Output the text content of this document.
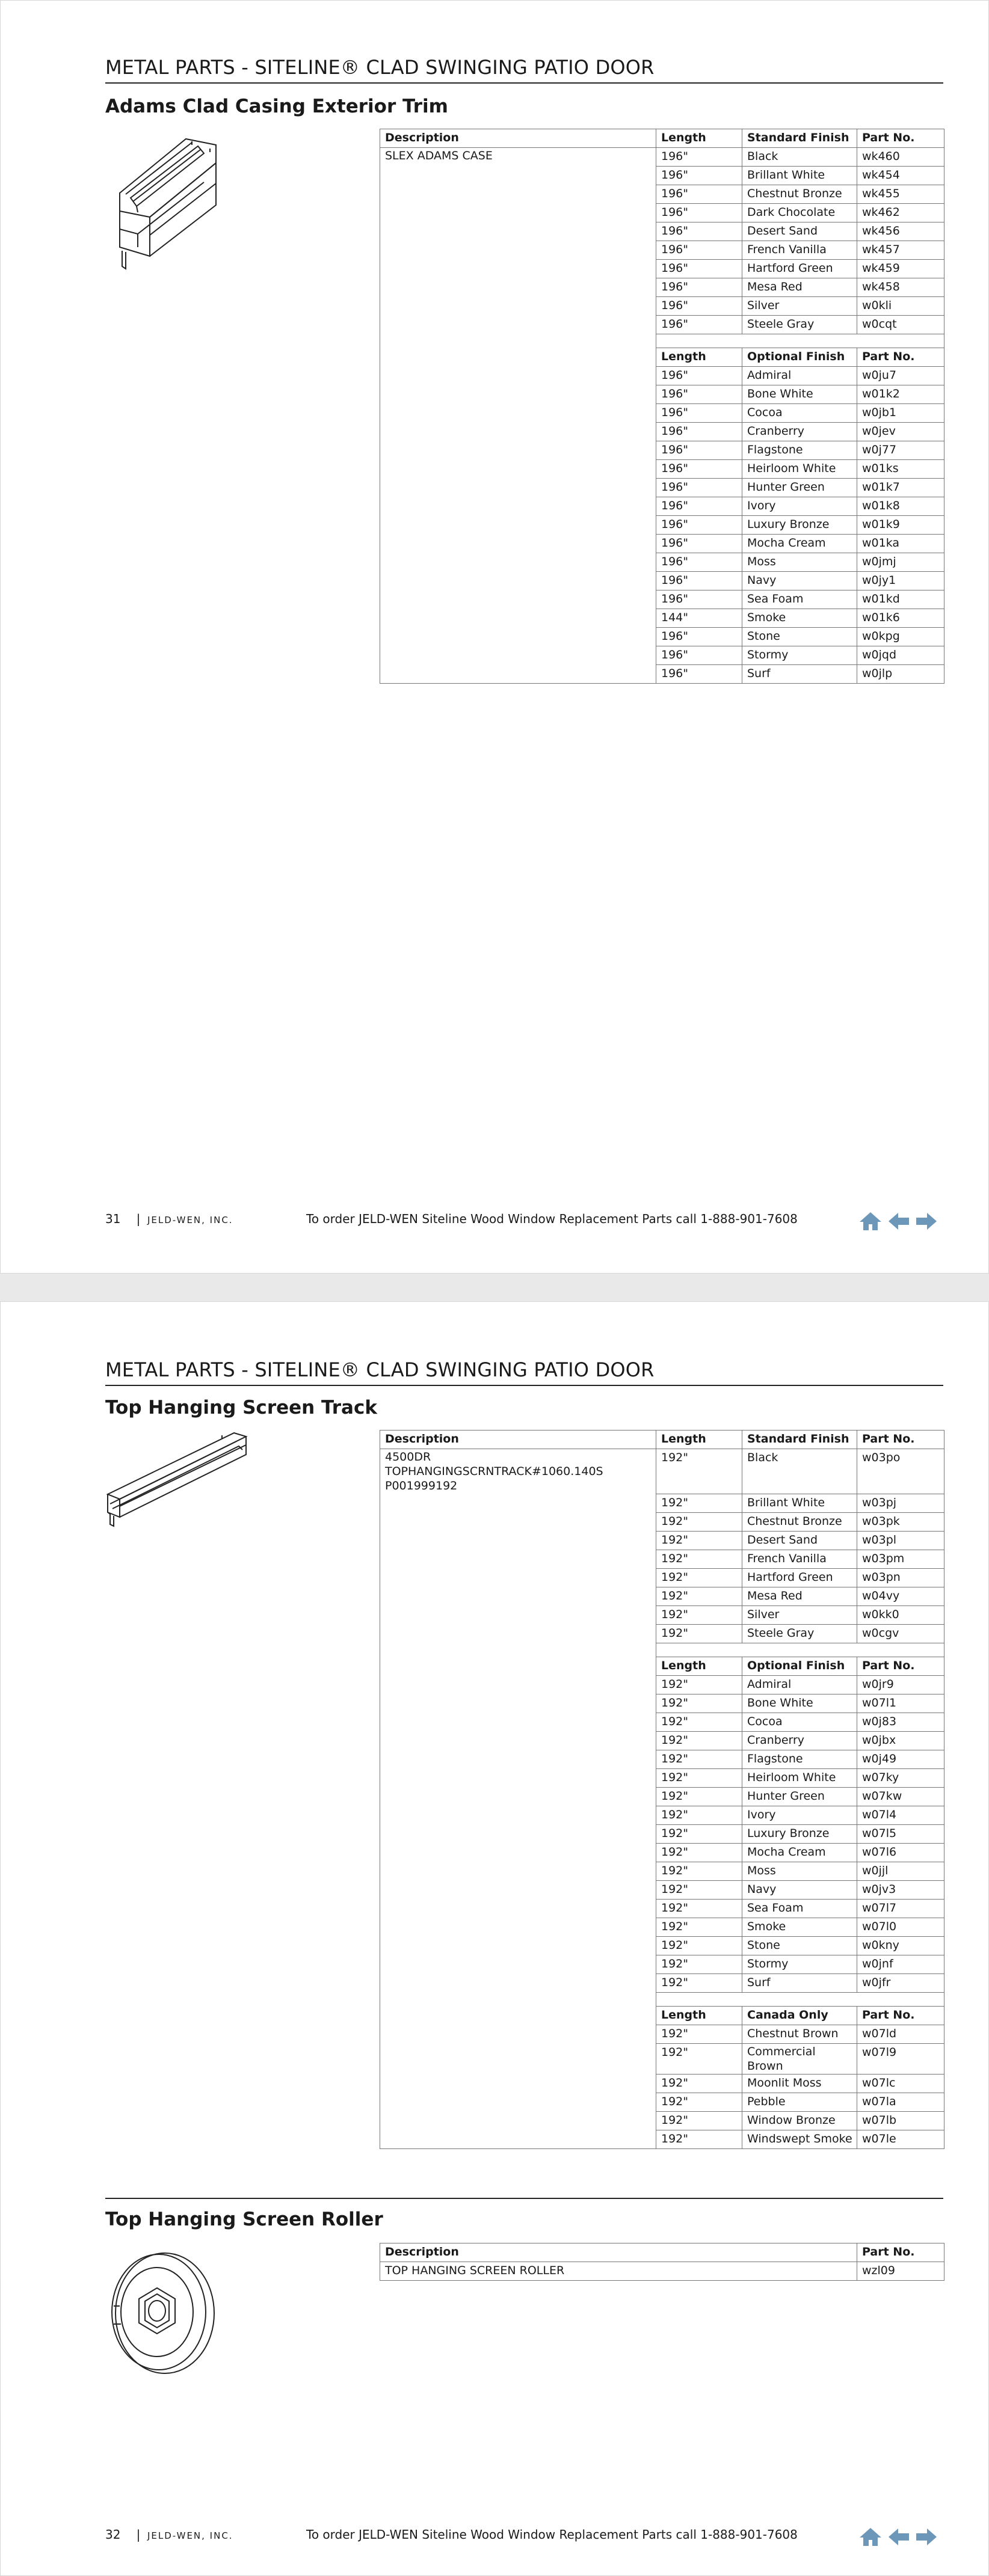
METAL PARTS - SITELINE® CLAD SWINGING PATIO DOOR
Adams Clad Casing Exterior Trim
Description	Length	Standard Finish	Part No.
SLEX ADAMS CASE	196"	Black	wk460
	196"	Brillant White	wk454
	196"	Chestnut Bronze	wk455
	196"	Dark Chocolate	wk462
	196"	Desert Sand	wk456
	196"	French Vanilla	wk457
	196"	Hartford Green	wk459
	196"	Mesa Red	wk458
	196"	Silver	w0kli
	196"	Steele Gray	w0cqt

	Length	Optional Finish	Part No.
	196"	Admiral	w0ju7
	196"	Bone White	w01k2
	196"	Cocoa	w0jb1
	196"	Cranberry	w0jev
	196"	Flagstone	w0j77
	196"	Heirloom White	w01ks
	196"	Hunter Green	w01k7
	196"	Ivory	w01k8
	196"	Luxury Bronze	w01k9
	196"	Mocha Cream	w01ka
	196"	Moss	w0jmj
	196"	Navy	w0jy1
	196"	Sea Foam	w01kd
	144"	Smoke	w01k6
	196"	Stone	w0kpg
	196"	Stormy	w0jqd
	196"	Surf	w0jlp
31 | JELD-WEN, INC.	To order JELD-WEN Siteline Wood Window Replacement Parts call 1-888-901-7608
METAL PARTS - SITELINE® CLAD SWINGING PATIO DOOR
Top Hanging Screen Track
Description	Length	Standard Finish	Part No.
4500DR TOPHANGINGSCRNTRACK#1060.140S P001999192	192"	Black	w03po
	192"	Brillant White	w03pj
	192"	Chestnut Bronze	w03pk
	192"	Desert Sand	w03pl
	192"	French Vanilla	w03pm
	192"	Hartford Green	w03pn
	192"	Mesa Red	w04vy
	192"	Silver	w0kk0
	192"	Steele Gray	w0cgv

	Length	Optional Finish	Part No.
	192"	Admiral	w0jr9
	192"	Bone White	w07l1
	192"	Cocoa	w0j83
	192"	Cranberry	w0jbx
	192"	Flagstone	w0j49
	192"	Heirloom White	w07ky
	192"	Hunter Green	w07kw
	192"	Ivory	w07l4
	192"	Luxury Bronze	w07l5
	192"	Mocha Cream	w07l6
	192"	Moss	w0jjl
	192"	Navy	w0jv3
	192"	Sea Foam	w07l7
	192"	Smoke	w07l0
	192"	Stone	w0kny
	192"	Stormy	w0jnf
	192"	Surf	w0jfr

	Length	Canada Only	Part No.
	192"	Chestnut Brown	w07ld
	192"	Commercial Brown	w07l9
	192"	Moonlit Moss	w07lc
	192"	Pebble	w07la
	192"	Window Bronze	w07lb
	192"	Windswept Smoke	w07le
Top Hanging Screen Roller
Description	Part No.
TOP HANGING SCREEN ROLLER	wzl09
32 | JELD-WEN, INC.	To order JELD-WEN Siteline Wood Window Replacement Parts call 1-888-901-7608
